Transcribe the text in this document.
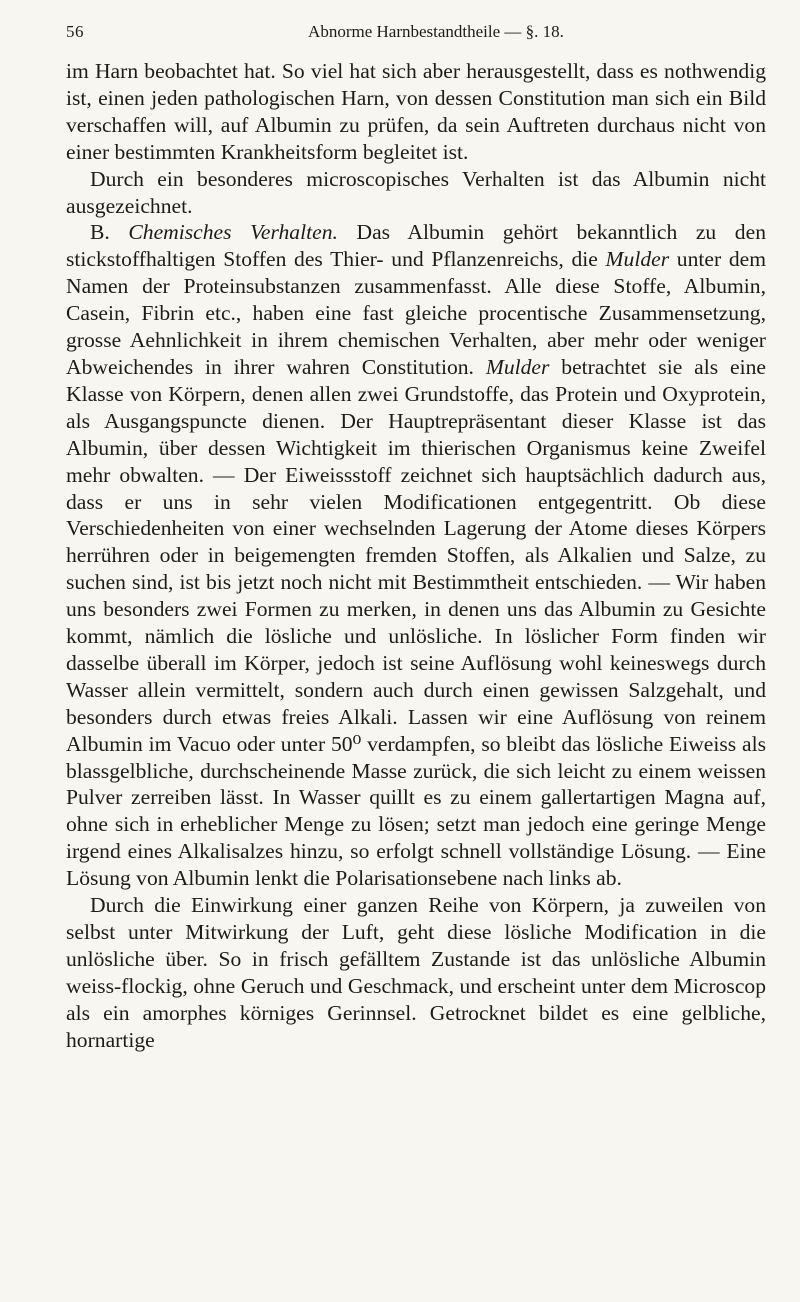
56	Abnorme Harnbestandtheile — §. 18.

im Harn beobachtet hat. So viel hat sich aber herausgestellt, dass es nothwendig ist, einen jeden pathologischen Harn, von dessen Constitution man sich ein Bild verschaffen will, auf Albumin zu prüfen, da sein Auftreten durchaus nicht von einer bestimmten Krankheitsform begleitet ist.

Durch ein besonderes microscopisches Verhalten ist das Albumin nicht ausgezeichnet.

B. Chemisches Verhalten. Das Albumin gehört bekanntlich zu den stickstoffhaltigen Stoffen des Thier- und Pflanzenreichs, die Mulder unter dem Namen der Proteinsubstanzen zusammenfasst. Alle diese Stoffe, Albumin, Casein, Fibrin etc., haben eine fast gleiche procentische Zusammensetzung, grosse Aehnlichkeit in ihrem chemischen Verhalten, aber mehr oder weniger Abweichendes in ihrer wahren Constitution. Mulder betrachtet sie als eine Klasse von Körpern, denen allen zwei Grundstoffe, das Protein und Oxyprotein, als Ausgangspuncte dienen. Der Hauptrepräsentant dieser Klasse ist das Albumin, über dessen Wichtigkeit im thierischen Organismus keine Zweifel mehr obwalten. — Der Eiweissstoff zeichnet sich hauptsächlich dadurch aus, dass er uns in sehr vielen Modificationen entgegentritt. Ob diese Verschiedenheiten von einer wechselnden Lagerung der Atome dieses Körpers herrühren oder in beigemengten fremden Stoffen, als Alkalien und Salze, zu suchen sind, ist bis jetzt noch nicht mit Bestimmtheit entschieden. — Wir haben uns besonders zwei Formen zu merken, in denen uns das Albumin zu Gesichte kommt, nämlich die lösliche und unlösliche. In löslicher Form finden wir dasselbe überall im Körper, jedoch ist seine Auflösung wohl keineswegs durch Wasser allein vermittelt, sondern auch durch einen gewissen Salzgehalt, und besonders durch etwas freies Alkali. Lassen wir eine Auflösung von reinem Albumin im Vacuo oder unter 50⁰ verdampfen, so bleibt das lösliche Eiweiss als blassgelbliche, durchscheinende Masse zurück, die sich leicht zu einem weissen Pulver zerreiben lässt. In Wasser quillt es zu einem gallertartigen Magna auf, ohne sich in erheblicher Menge zu lösen; setzt man jedoch eine geringe Menge irgend eines Alkalisalzes hinzu, so erfolgt schnell vollständige Lösung. — Eine Lösung von Albumin lenkt die Polarisationsebene nach links ab.

Durch die Einwirkung einer ganzen Reihe von Körpern, ja zuweilen von selbst unter Mitwirkung der Luft, geht diese lösliche Modification in die unlösliche über. So in frisch gefälltem Zustande ist das unlösliche Albumin weiss-flockig, ohne Geruch und Geschmack, und erscheint unter dem Microscop als ein amorphes körniges Gerinnsel. Getrocknet bildet es eine gelbliche, hornartige
